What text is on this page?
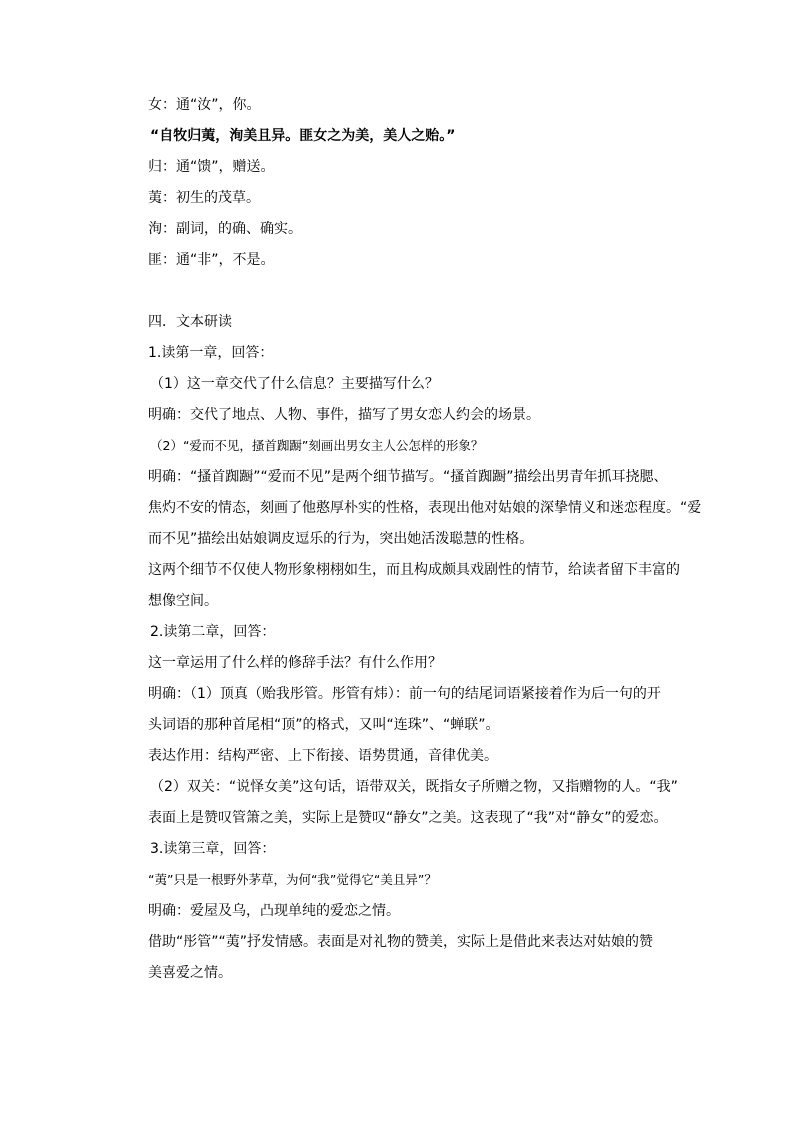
女：通“汝”，你。
“自牧归荑，洵美且异。匪女之为美，美人之贻。”
归：通“馈”，赠送。
荑：初生的茂草。
洵：副词，的确、确实。
匪：通“非”，不是。
四．文本研读
1.读第一章，回答：
（1）这一章交代了什么信息？主要描写什么？
明确：交代了地点、人物、事件，描写了男女恋人约会的场景。
（2）“爱而不见，搔首踟蹰”刻画出男女主人公怎样的形象？
明确：“搔首踟蹰”“爱而不见”是两个细节描写。“搔首踟蹰”描绘出男青年抓耳挠腮、
焦灼不安的情态，刻画了他憨厚朴实的性格，表现出他对姑娘的深挚情义和迷恋程度。“爱
而不见”描绘出姑娘调皮逗乐的行为，突出她活泼聪慧的性格。
这两个细节不仅使人物形象栩栩如生，而且构成颇具戏剧性的情节，给读者留下丰富的
想像空间。
2.读第二章，回答：
这一章运用了什么样的修辞手法？有什么作用？
明确：（1）顶真（贻我彤管。彤管有炜）：前一句的结尾词语紧接着作为后一句的开
头词语的那种首尾相“顶”的格式，又叫“连珠”、“蝉联”。
表达作用：结构严密、上下衔接、语势贯通，音律优美。
（2）双关：“说怿女美”这句话，语带双关，既指女子所赠之物，又指赠物的人。“我”
表面上是赞叹管箫之美，实际上是赞叹“静女”之美。这表现了“我”对“静女”的爱恋。
3.读第三章，回答：
“荑”只是一根野外茅草，为何“我”觉得它“美且异”？
明确：爱屋及乌，凸现单纯的爱恋之情。
借助“彤管”“荑”抒发情感。表面是对礼物的赞美，实际上是借此来表达对姑娘的赞
美喜爱之情。
